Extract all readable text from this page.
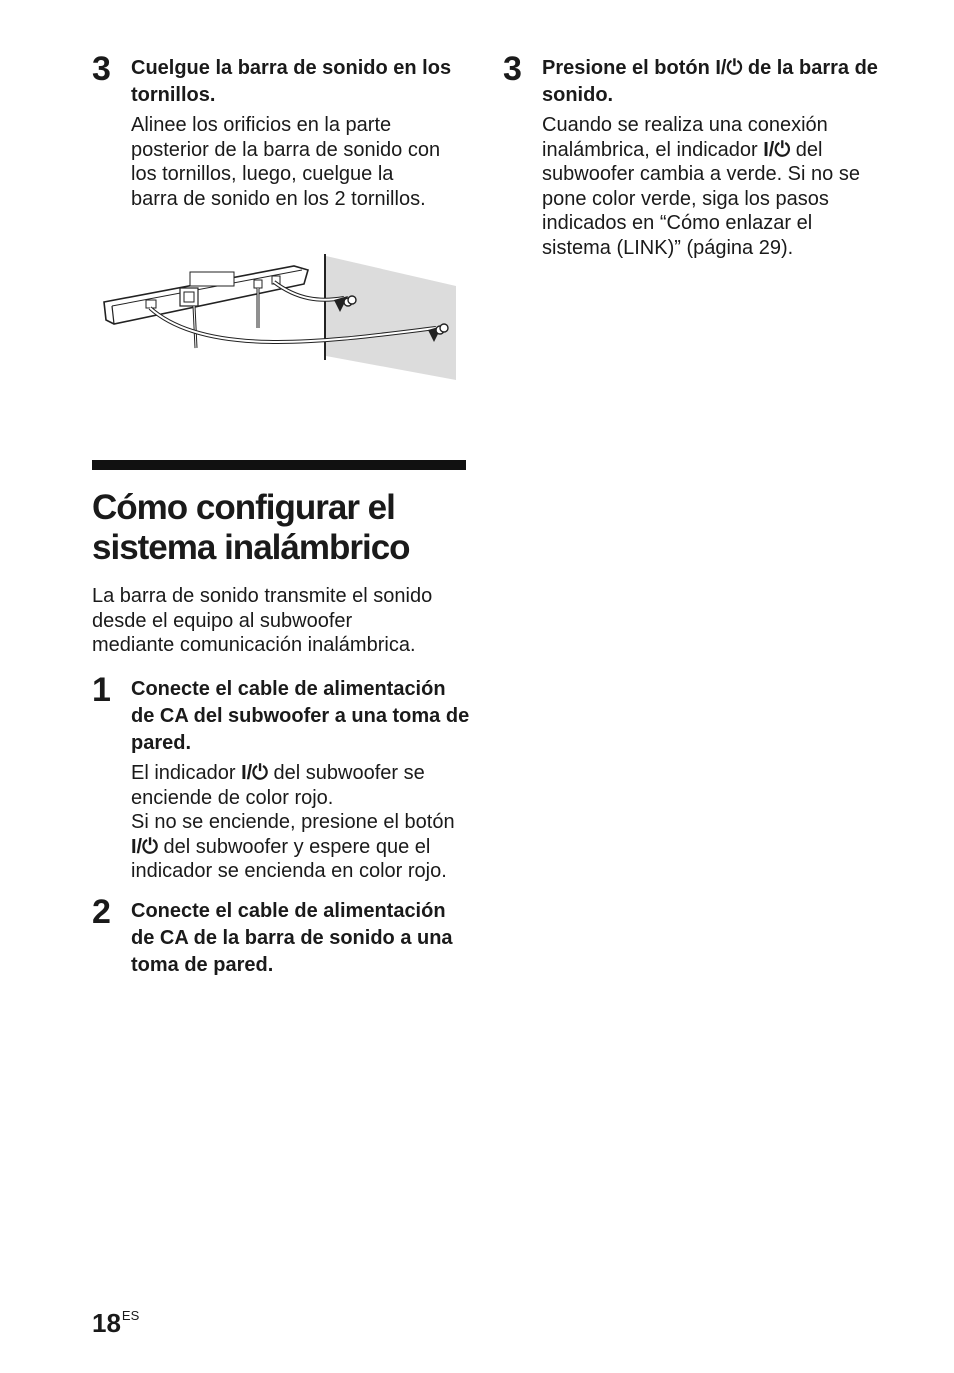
3 Cuelgue la barra de sonido en los tornillos.

Alinee los orificios en la parte
posterior de la barra de sonido con
los tornillos, luego, cuelgue la
barra de sonido en los 2 tornillos.

Cómo configurar el
sistema inalámbrico
La barra de sonido transmite el sonido
desde el equipo al subwoofer
mediante comunicación inalámbrica.
1 Conecte el cable de alimentación de CA del subwoofer a una toma de pared.

El indicador I/⏻ del subwoofer se enciende de color rojo.
Si no se enciende, presione el botón I/⏻ del subwoofer y espere que el indicador se encienda en color rojo.

2 Conecte el cable de alimentación de CA de la barra de sonido a una toma de pared.

3 Presione el botón I/⏻ de la barra de sonido.

Cuando se realiza una conexión inalámbrica, el indicador I/⏻ del subwoofer cambia a verde. Si no se pone color verde, siga los pasos indicados en “Cómo enlazar el sistema (LINK)” (página 29).

$18^{ES}$
